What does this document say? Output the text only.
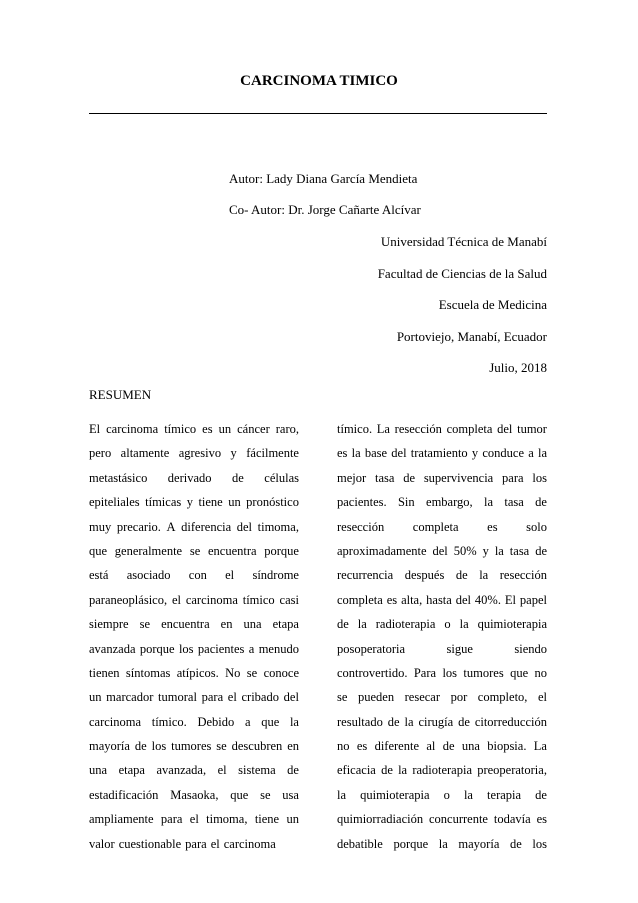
CARCINOMA TIMICO
Autor: Lady Diana García Mendieta
Co- Autor: Dr. Jorge Cañarte Alcívar
Universidad Técnica de Manabí
Facultad de Ciencias de la Salud
Escuela de Medicina
Portoviejo, Manabí, Ecuador
Julio, 2018
RESUMEN
El carcinoma tímico es un cáncer raro,
pero altamente agresivo y fácilmente
metastásico derivado de células
epiteliales tímicas y tiene un pronóstico
muy precario. A diferencia del timoma,
que generalmente se encuentra porque
está asociado con el síndrome
paraneoplásico, el carcinoma tímico casi
siempre se encuentra en una etapa
avanzada porque los pacientes a menudo
tienen síntomas atípicos. No se conoce
un marcador tumoral para el cribado del
carcinoma tímico. Debido a que la
mayoría de los tumores se descubren en
una etapa avanzada, el sistema de
estadificación Masaoka, que se usa
ampliamente para el timoma, tiene un
valor cuestionable para el carcinoma
tímico. La resección completa del tumor
es la base del tratamiento y conduce a la
mejor tasa de supervivencia para los
pacientes. Sin embargo, la tasa de
resección completa es solo
aproximadamente del 50% y la tasa de
recurrencia después de la resección
completa es alta, hasta del 40%. El papel
de la radioterapia o la quimioterapia
posoperatoria	sigue	siendo
controvertido. Para los tumores que no
se pueden resecar por completo, el
resultado de la cirugía de citorreducción
no es diferente al de una biopsia. La
eficacia de la radioterapia preoperatoria,
la quimioterapia o la terapia de
quimiorradiación concurrente todavía es
debatible porque la mayoría de los
